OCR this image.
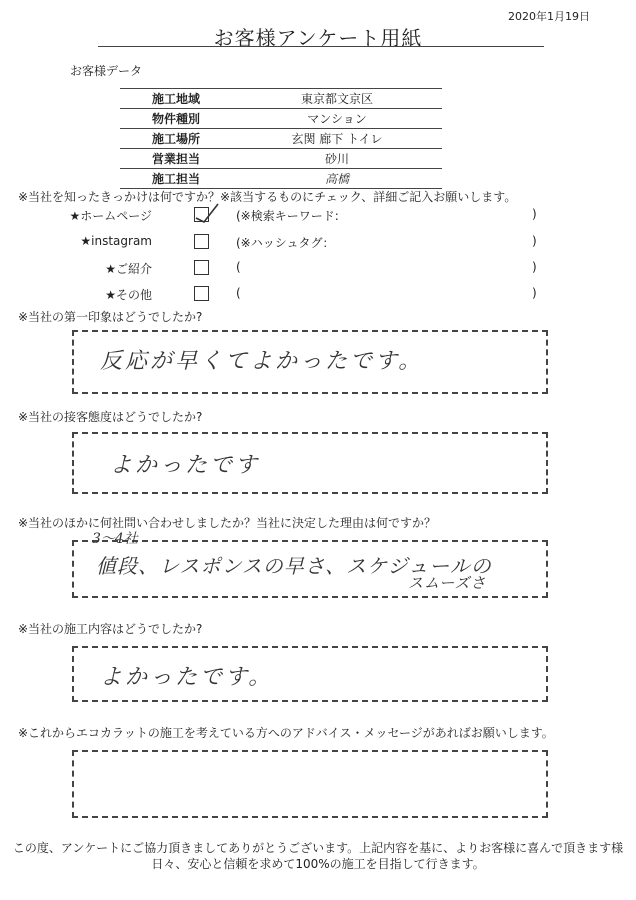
2020年1月19日
お客様アンケート用紙
お客様データ
施工地域	東京都文京区
物件種別	マンション
施工場所	玄関 廊下 トイレ
営業担当	砂川
施工担当	高橋
※当社を知ったきっかけは何ですか？※該当するものにチェック、詳細ご記入お願いします。
★ホームページ	(※検索キーワード:	)
★instagram	(※ハッシュタグ：	)
★ご紹介	(	)
★その他	(	)
※当社の第一印象はどうでしたか?
反応が早くてよかったです。
※当社の接客態度はどうでしたか?
よかったです
※当社のほかに何社問い合わせしましたか？当社に決定した理由は何ですか？
3～4社
値段、レスポンスの早さ、スケジュールの
スムーズさ
※当社の施工内容はどうでしたか?
よかったです。
※これからエコカラットの施工を考えている方へのアドバイス・メッセージがあればお願いします。
この度、アンケートにご協力頂きましてありがとうございます。上記内容を基に、よりお客様に喜んで頂きます様
日々、安心と信頼を求めて100%の施工を目指して行きます。
